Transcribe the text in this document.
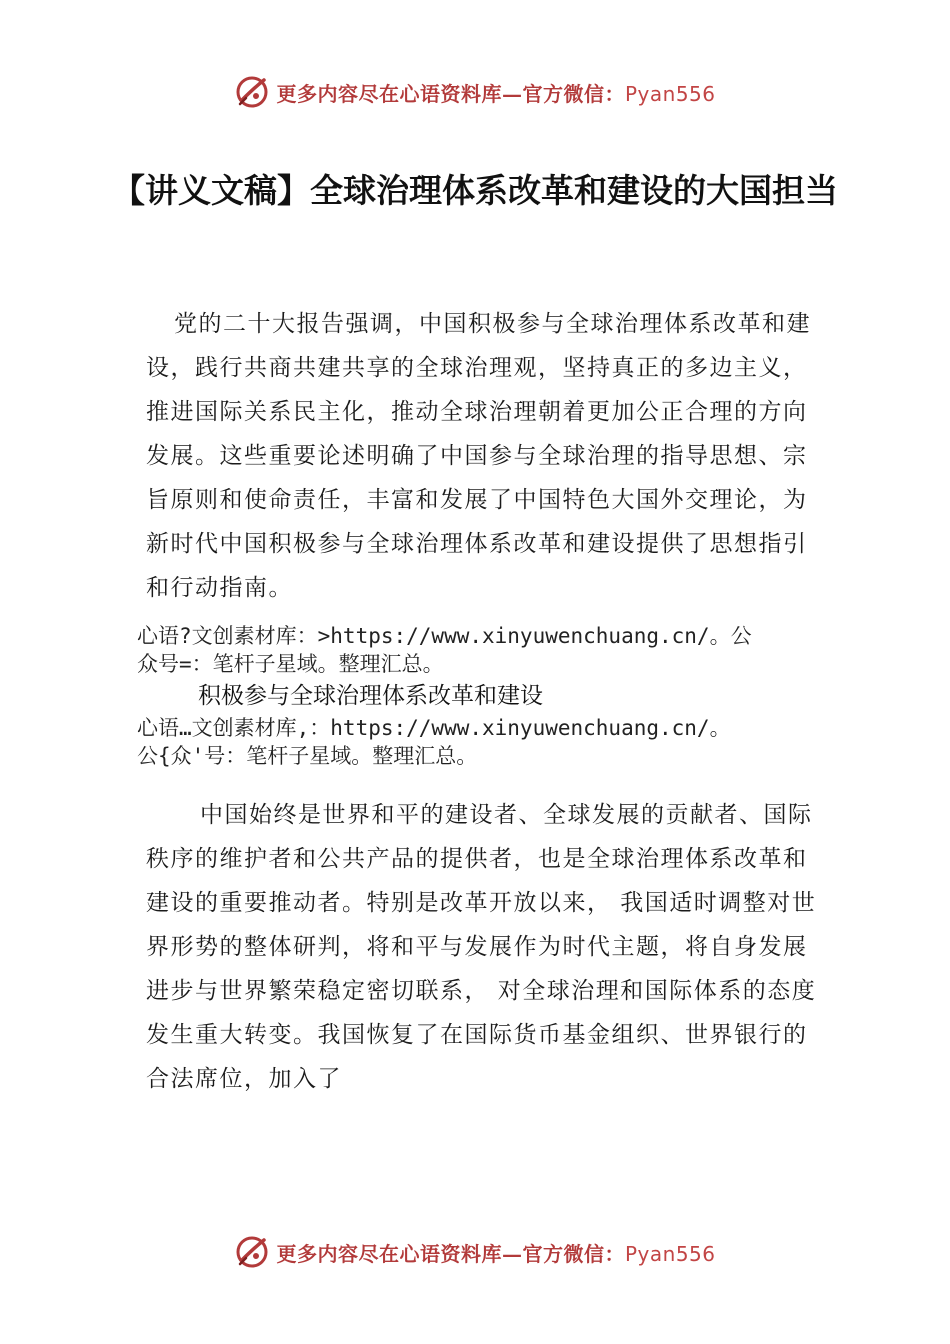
更多内容尽在心语资料库—官方微信：Pyan556
【讲义文稿】全球治理体系改革和建设的大国担当
党的二十大报告强调，中国积极参与全球治理体系改革和建设，践行共商共建共享的全球治理观，坚持真正的多边主义，推进国际关系民主化，推动全球治理朝着更加公正合理的方向发展。这些重要论述明确了中国参与全球治理的指导思想、宗旨原则和使命责任，丰富和发展了中国特色大国外交理论，为新时代中国积极参与全球治理体系改革和建设提供了思想指引和行动指南。
心语?文创素材库：>https://www.xinyuwenchuang.cn/。公
众号=：笔杆子星域。整理汇总。
积极参与全球治理体系改革和建设
心语…文创素材库,：https://www.xinyuwenchuang.cn/。
公{众'号：笔杆子星域。整理汇总。
中国始终是世界和平的建设者、全球发展的贡献者、国际秩序的维护者和公共产品的提供者，也是全球治理体系改革和建设的重要推动者。特别是改革开放以来， 我国适时调整对世界形势的整体研判，将和平与发展作为时代主题，将自身发展进步与世界繁荣稳定密切联系， 对全球治理和国际体系的态度发生重大转变。我国恢复了在国际货币基金组织、世界银行的合法席位，加入了
更多内容尽在心语资料库—官方微信：Pyan556
